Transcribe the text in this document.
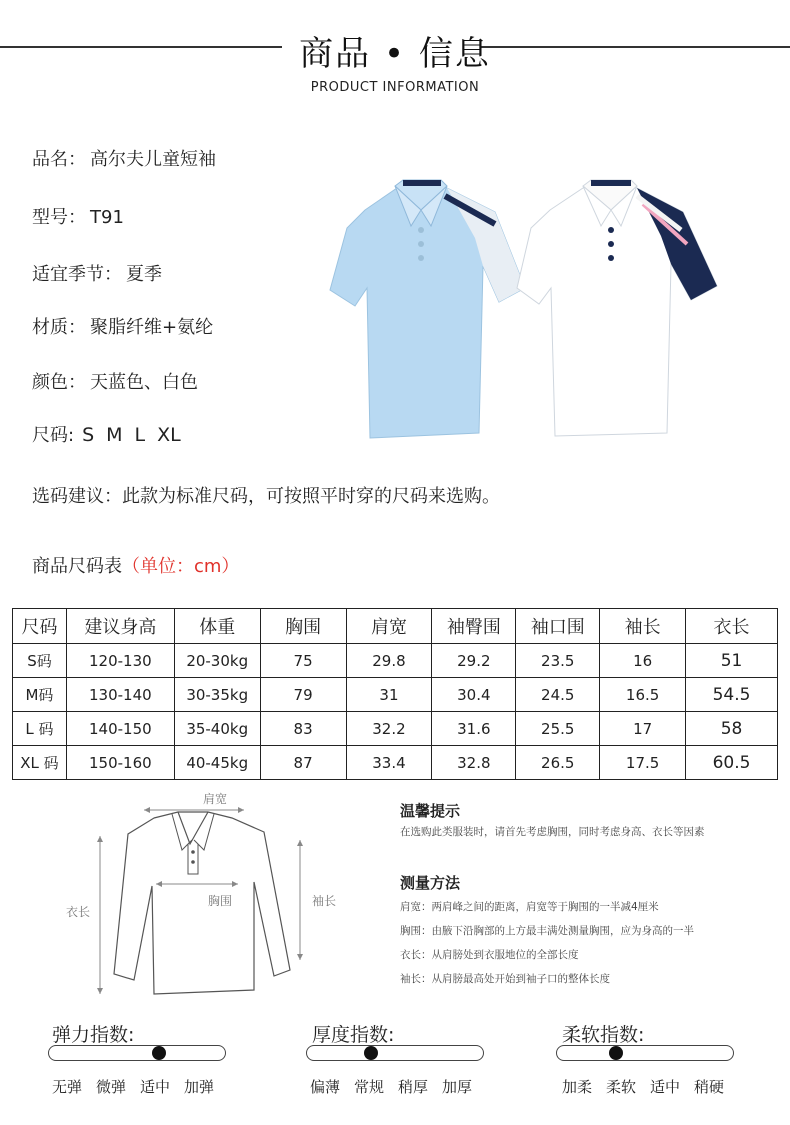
商品 • 信息
PRODUCT INFORMATION
品名： 高尔夫儿童短袖
型号： T91
适宜季节： 夏季
材质： 聚脂纤维+氨纶
颜色： 天蓝色、白色
尺码: S M L XL
选码建议：此款为标准尺码，可按照平时穿的尺码来选购。
商品尺码表（单位：cm）
尺码	建议身高	体重	胸围	肩宽	袖臀围	袖口围	袖长	衣长
S码	120-130	20-30kg	75	29.8	29.2	23.5	16	51
M码	130-140	30-35kg	79	31	30.4	24.5	16.5	54.5
L 码	140-150	35-40kg	83	32.2	31.6	25.5	17	58
XL 码	150-160	40-45kg	87	33.4	32.8	26.5	17.5	60.5
肩宽
衣长
胸围	袖长
温馨提示
在选购此类服装时，请首先考虑胸围，同时考虑身高、衣长等因素
测量方法
肩宽：两肩峰之间的距离，肩宽等于胸围的一半减4厘米
胸围：由腋下沿胸部的上方最丰满处测量胸围，应为身高的一半
衣长：从肩膀处到衣服地位的全部长度
袖长：从肩膀最高处开始到袖子口的整体长度
弹力指数:
无弹 微弹 适中 加弹
厚度指数:
偏薄 常规 稍厚 加厚
柔软指数:
加柔 柔软 适中 稍硬
